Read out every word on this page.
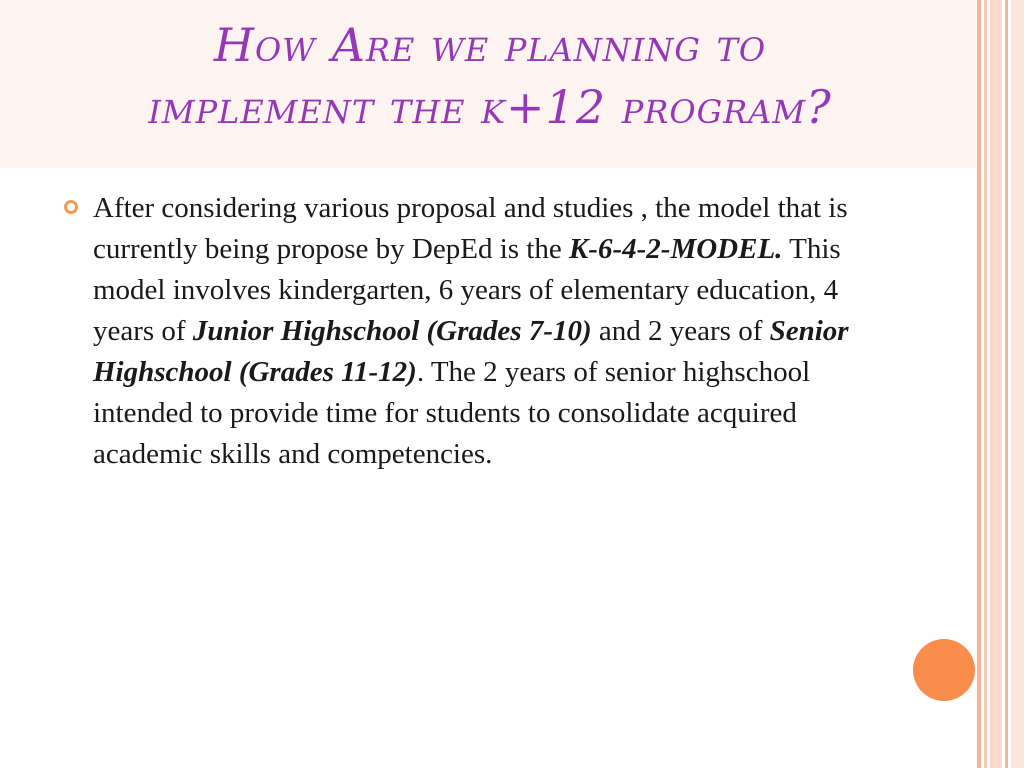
How Are we planning to
implement the k+12 program?

After considering various proposal and studies , the model that is currently being propose by DepEd is the K-6-4-2-MODEL. This model involves kindergarten, 6 years of elementary education, 4 years of Junior Highschool (Grades 7-10) and 2 years of Senior Highschool (Grades 11-12). The 2 years of senior highschool intended to provide time for students to consolidate acquired academic skills and competencies.
